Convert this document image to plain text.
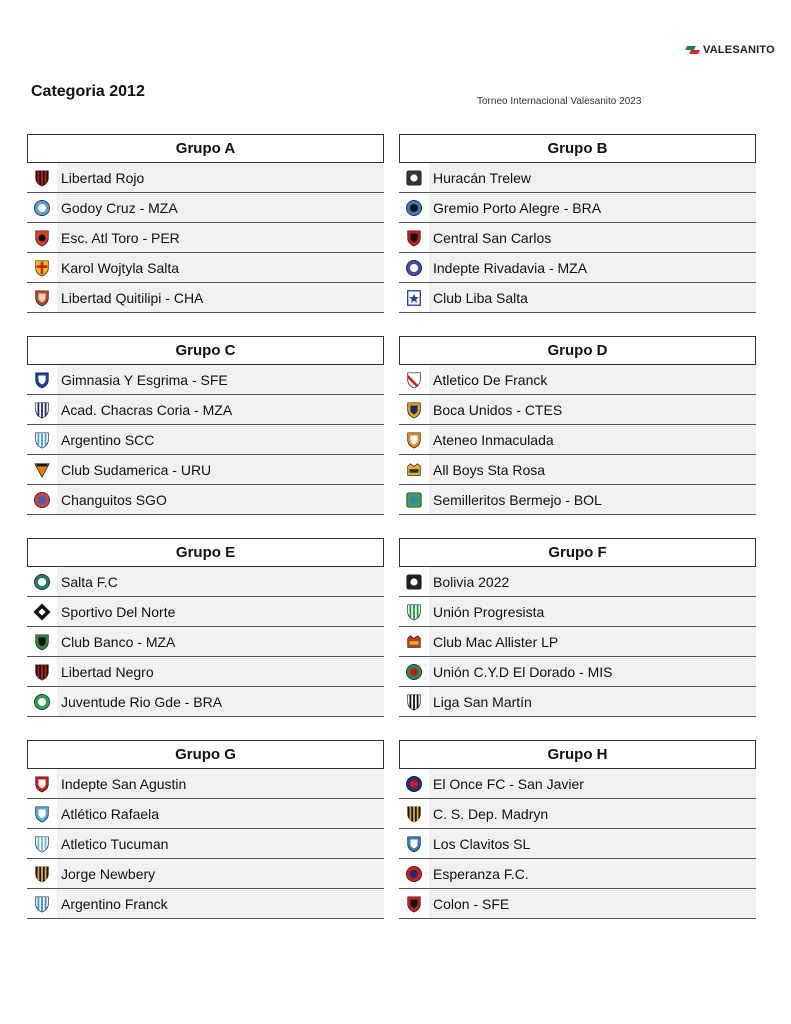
VALESANITO
Categoria 2012
Torneo Internacional Valesanito 2023
Grupo A
Libertad Rojo
Godoy Cruz - MZA
Esc. Atl Toro - PER
Karol Wojtyla Salta
Libertad Quitilipi - CHA
Grupo B
Huracán Trelew
Gremio Porto Alegre - BRA
Central San Carlos
Indepte Rivadavia - MZA
Club Liba Salta
Grupo C
Gimnasia Y Esgrima - SFE
Acad. Chacras Coria - MZA
Argentino SCC
Club Sudamerica - URU
Changuitos SGO
Grupo D
Atletico De Franck
Boca Unidos - CTES
Ateneo Inmaculada
All Boys Sta Rosa
Semilleritos Bermejo - BOL
Grupo E
Salta F.C
Sportivo Del Norte
Club Banco - MZA
Libertad Negro
Juventude Rio Gde - BRA
Grupo F
Bolivia 2022
Unión Progresista
Club Mac Allister LP
Unión C.Y.D El Dorado - MIS
Liga San Martín
Grupo G
Indepte San Agustin
Atlético Rafaela
Atletico Tucuman
Jorge Newbery
Argentino Franck
Grupo H
El Once FC - San Javier
C. S. Dep. Madryn
Los Clavitos SL
Esperanza F.C.
Colon - SFE
